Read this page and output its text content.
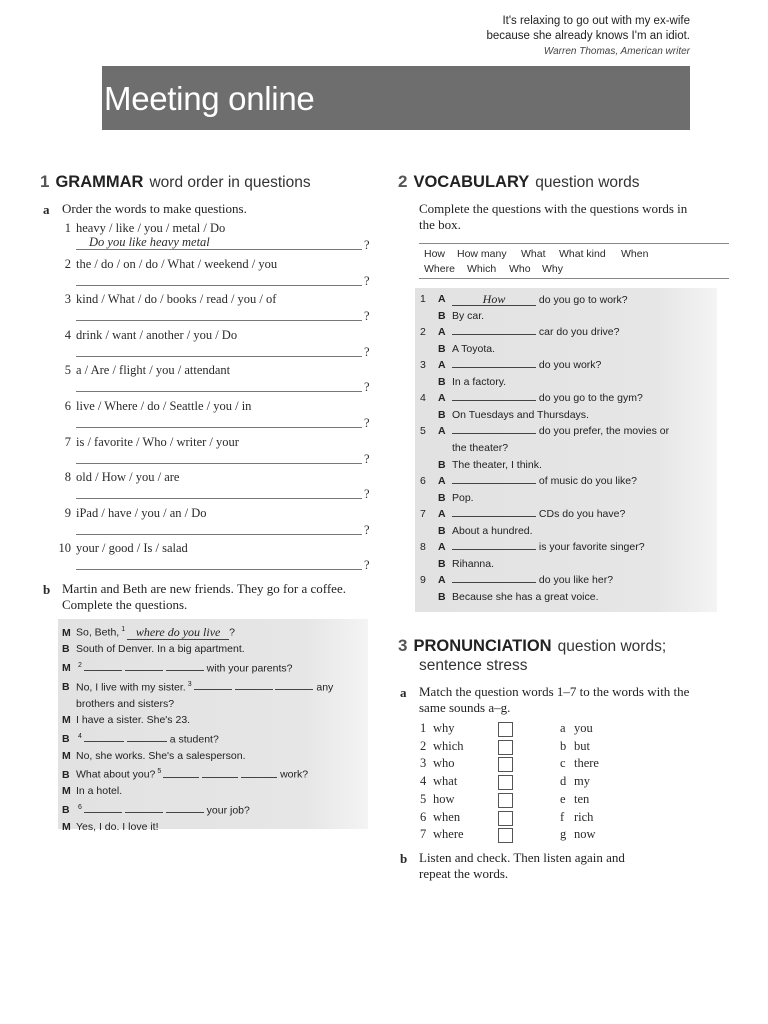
It's relaxing to go out with my ex-wife
because she already knows I'm an idiot.
Warren Thomas, American writer
Meeting online
1 GRAMMAR word order in questions
a Order the words to make questions.
1 heavy / like / you / metal / Do
Do you like heavy metal	?
2 the / do / on / do / What / weekend / you
?
3 kind / What / do / books / read / you / of
?
4 drink / want / another / you / Do
?
5 a / Are / flight / you / attendant
?
6 live / Where / do / Seattle / you / in
?
7 is / favorite / Who / writer / your
?
8 old / How / you / are
?
9 iPad / have / you / an / Do
?
10 your / good / Is / salad
?
b Martin and Beth are new friends. They go for a coffee.
Complete the questions.
M So, Beth, $^1$ where do you live ?
B South of Denver. In a big apartment.
M $^2$	with your parents?
B No, I live with my sister. $^3$	any
brothers and sisters?
M I have a sister. She's 23.
B $^4$	a student?
M No, she works. She's a salesperson.
B What about you? $^5$	work?
M In a hotel.
B $^6$	your job?
M Yes, I do. I love it!
2 VOCABULARY question words
Complete the questions with the questions words in
the box.
How How many What What kind When
Where Which Who Why
1 A	How	do you go to work?
B By car.
2 A	car do you drive?
B A Toyota.
3 A	do you work?
B In a factory.
4 A	do you go to the gym?
B On Tuesdays and Thursdays.
5 A	do you prefer, the movies or
the theater?
B The theater, I think.
6 A	of music do you like?
B Pop.
7 A	CDs do you have?
B About a hundred.
8 A	is your favorite singer?
B Rihanna.
9 A	do you like her?
B Because she has a great voice.
3 PRONUNCIATION question words;
sentence stress
a Match the question words 1–7 to the words with the
same sounds a–g.
1 why	a you
2 which	b but
3 who	c there
4 what	d my
5 how	e ten
6 when	f rich
7 where	g now
b Listen and check. Then listen again and
repeat the words.
